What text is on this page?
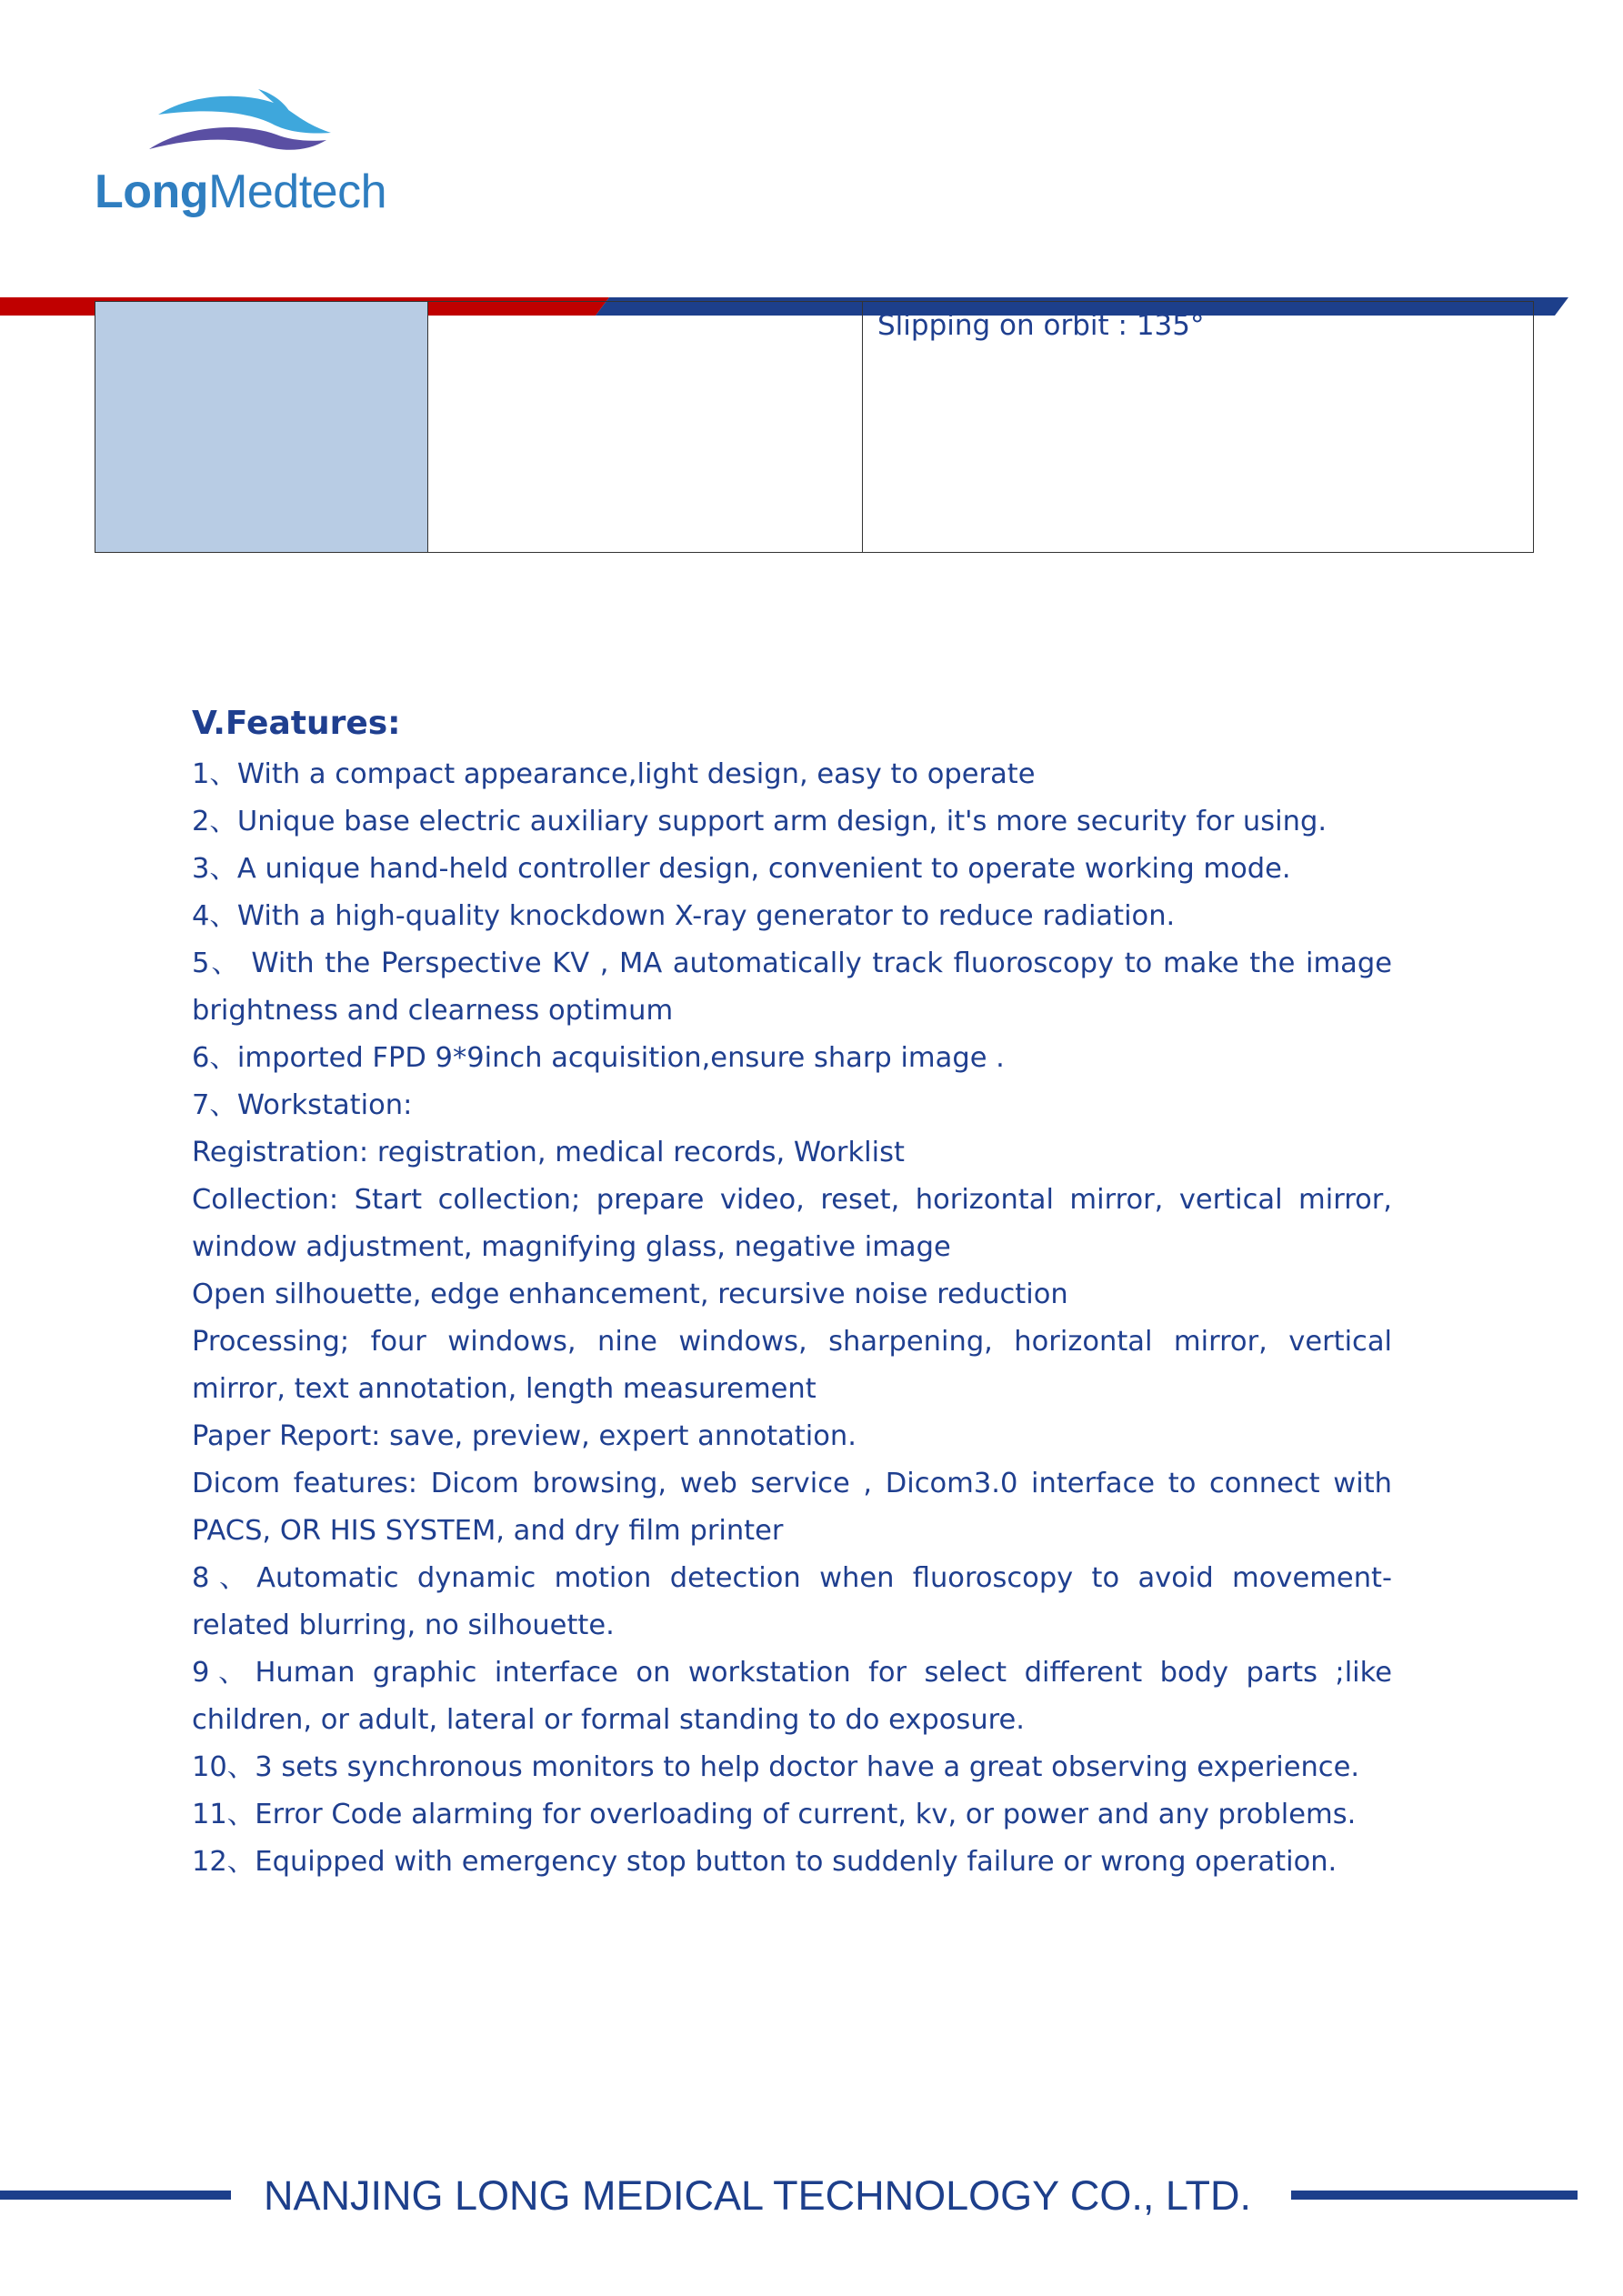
LongMedtech
Slipping on orbit : 135°
V.Features:

1、With a compact appearance,light design, easy to operate

2、Unique base electric auxiliary support arm design, it's more security for using.

3、A unique hand-held controller design, convenient to operate working mode.

4、With a high-quality knockdown X-ray generator to reduce radiation.

5、 With the Perspective KV , MA automatically track fluoroscopy to make the image brightness and clearness optimum

6、imported FPD 9*9inch acquisition,ensure sharp image .

7、Workstation:

Registration: registration, medical records, Worklist

Collection: Start collection; prepare video, reset, horizontal mirror, vertical mirror, window adjustment, magnifying glass, negative image

Open silhouette, edge enhancement, recursive noise reduction

Processing; four windows, nine windows, sharpening, horizontal mirror, vertical mirror, text annotation, length measurement

Paper Report: save, preview, expert annotation.

Dicom features: Dicom browsing, web service , Dicom3.0 interface to connect with PACS, OR HIS SYSTEM, and dry film printer

8、Automatic dynamic motion detection when fluoroscopy to avoid movement-related blurring, no silhouette.

9、Human graphic interface on workstation for select different body parts ;like children, or adult, lateral or formal standing to do exposure.

10、3 sets synchronous monitors to help doctor have a great observing experience.

11、Error Code alarming for overloading of current, kv, or power and any problems.

12、Equipped with emergency stop button to suddenly failure or wrong operation.

NANJING LONG MEDICAL TECHNOLOGY CO., LTD.
